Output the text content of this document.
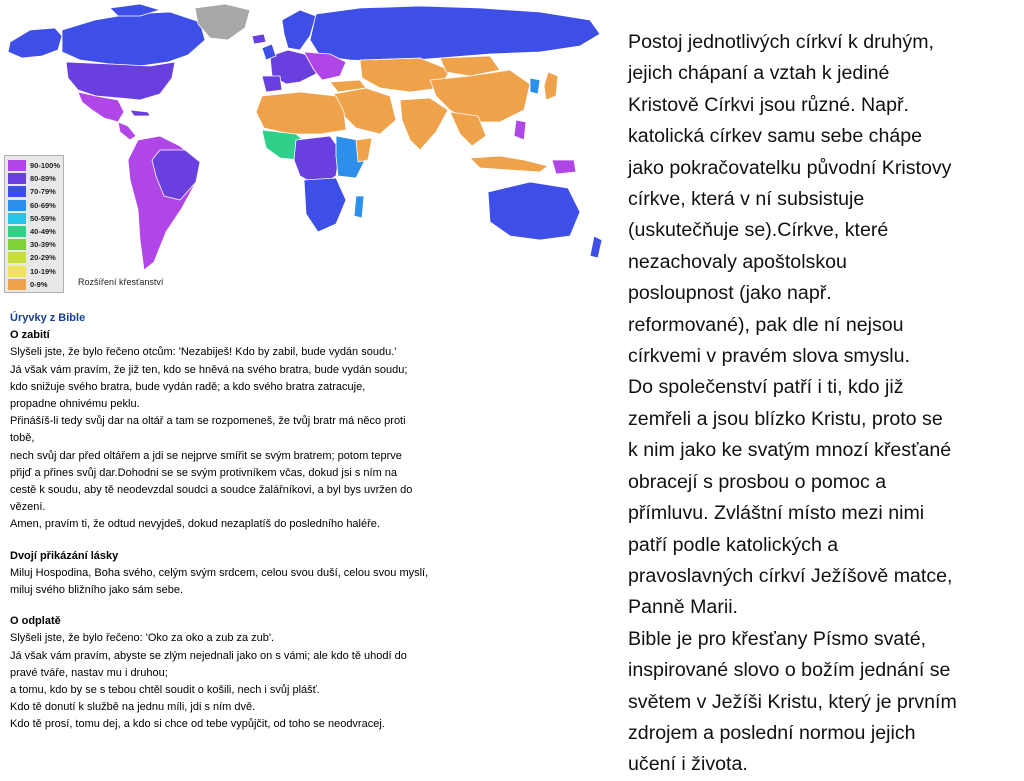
90-100%
80-89%
70-79%
60-69%
50-59%
40-49%
30-39%
20-29%
10-19%
0-9%	Rozšíření křesťanství

Úryvky z Bible

O zabití

Slyšeli jste, že bylo řečeno otcům: 'Nezabiješ! Kdo by zabil, bude vydán soudu.'

Já však vám pravím, že již ten, kdo se hněvá na svého bratra, bude vydán soudu;

kdo snižuje svého bratra, bude vydán radě; a kdo svého bratra zatracuje,

propadne ohnivému peklu.

Přinášíš-li tedy svůj dar na oltář a tam se rozpomeneš, že tvůj bratr má něco proti

tobě,

nech svůj dar před oltářem a jdi se nejprve smířit se svým bratrem; potom teprve

přijď a přines svůj dar.Dohodni se se svým protivníkem včas, dokud jsi s ním na

cestě k soudu, aby tě neodevzdal soudci a soudce žalářníkovi, a byl bys uvržen do

vězení.

Amen, pravím ti, že odtud nevyjdeš, dokud nezaplatíš do posledního haléře.

Dvojí přikázání lásky

Miluj Hospodina, Boha svého, celým svým srdcem, celou svou duší, celou svou myslí,

miluj svého bližního jako sám sebe.

O odplatě

Slyšeli jste, že bylo řečeno: 'Oko za oko a zub za zub'.

Já však vám pravím, abyste se zlým nejednali jako on s vámi; ale kdo tě uhodí do

pravé tváře, nastav mu i druhou;

a tomu, kdo by se s tebou chtěl soudit o košili, nech i svůj plášť.

Kdo tě donutí k službě na jednu míli, jdi s ním dvě.

Kdo tě prosí, tomu dej, a kdo si chce od tebe vypůjčit, od toho se neodvracej.

Postoj jednotlivých církví k druhým,

jejich chápaní a vztah k jediné

Kristově Církvi jsou různé. Např.

katolická církev samu sebe chápe

jako pokračovatelku původní Kristovy

církve, která v ní subsistuje

(uskutečňuje se).Církve, které

nezachovaly apoštolskou

posloupnost (jako např.

reformované), pak dle ní nejsou

církvemi v pravém slova smyslu.

Do společenství patří i ti, kdo již

zemřeli a jsou blízko Kristu, proto se

k nim jako ke svatým mnozí křesťané

obracejí s prosbou o pomoc a

přímluvu. Zvláštní místo mezi nimi

patří podle katolických a

pravoslavných církví Ježíšově matce,

Panně Marii.

Bible je pro křesťany Písmo svaté,

inspirované slovo o božím jednání se

světem v Ježíši Kristu, který je prvním

zdrojem a poslední normou jejich

učení i života.
